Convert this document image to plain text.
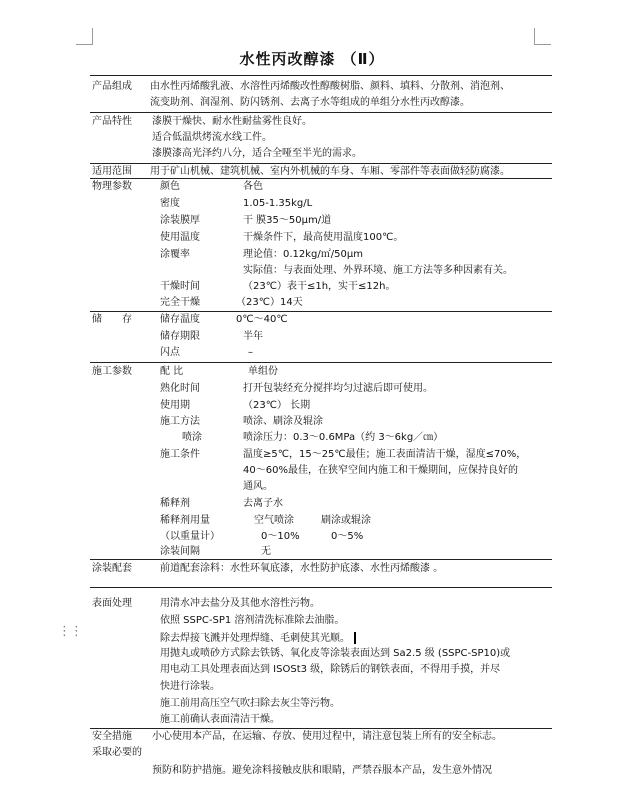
⋮⋮
水性丙改醇漆 （Ⅱ）
产品组成 由水性丙烯酸乳液、水溶性丙烯酸改性醇酸树脂、颜料、填料、分散剂、消泡剂、
流变助剂、润湿剂、防闪锈剂、去离子水等组成的单组分水性丙改醇漆。
产品特性 漆膜干燥快、耐水性耐盐雾性良好。
适合低温烘烤流水线工件。
漆膜漆高光泽约八分，适合全哑至半光的需求。
适用范围 用于矿山机械、建筑机械、室内外机械的车身、车厢、零部件等表面做轻防腐漆。
物理参数	颜色	各色
密度	1.05-1.35kg/L
涂装膜厚	干 膜35～50μm/道
使用温度	干燥条件下，最高使用温度100℃。
涂覆率	理论值：0.12kg/㎡/50μm
实际值：与表面处理、外界环境、施工方法等多种因素有关。
干燥时间	（23℃）表干≤1h，实干≤12h。
完全干燥	（23℃）14天
储　　存	储存温度	0℃～40℃
储存期限	半年
闪点	–
施工参数	配 比	单组份
熟化时间	打开包装经充分搅拌均匀过滤后即可使用。
使用期	（23℃） 长期
施工方法	喷涂、刷涂及辊涂
喷涂	喷涂压力：0.3～0.6MPa（约 3～6kg／㎝）
施工条件	温度≥5℃，15～25℃最佳；施工表面清洁干燥，湿度≤70%，
40～60%最佳，在狭窄空间内施工和干燥期间，应保持良好的
通风。
稀释剂	去离子水
稀释剂用量	空气喷涂	刷涂或辊涂
（以重量计）	0～10%	0～5%
涂装间隔	无
涂装配套	前道配套涂料：水性环氧底漆，水性防护底漆、水性丙烯酸漆 。
表面处理	用清水冲去盐分及其他水溶性污物。
依照 SSPC-SP1 溶剂清洗标准除去油脂。
除去焊接飞溅并处理焊缝、毛刺使其光顺。
用抛丸或喷砂方式除去铁锈、氧化皮等涂装表面达到 Sa2.5 级 (SSPC-SP10)或
用电动工具处理表面达到 ISOSt3 级，除锈后的钢铁表面，不得用手摸，并尽
快进行涂装。
施工前用高压空气吹扫除去灰尘等污物。
施工前确认表面清洁干燥。
安全措施 小心使用本产品，在运输、存放、使用过程中，请注意包装上所有的安全标志。
采取必要的
预防和防护措施。避免涂料接触皮肤和眼睛，严禁吞服本产品，发生意外情况
